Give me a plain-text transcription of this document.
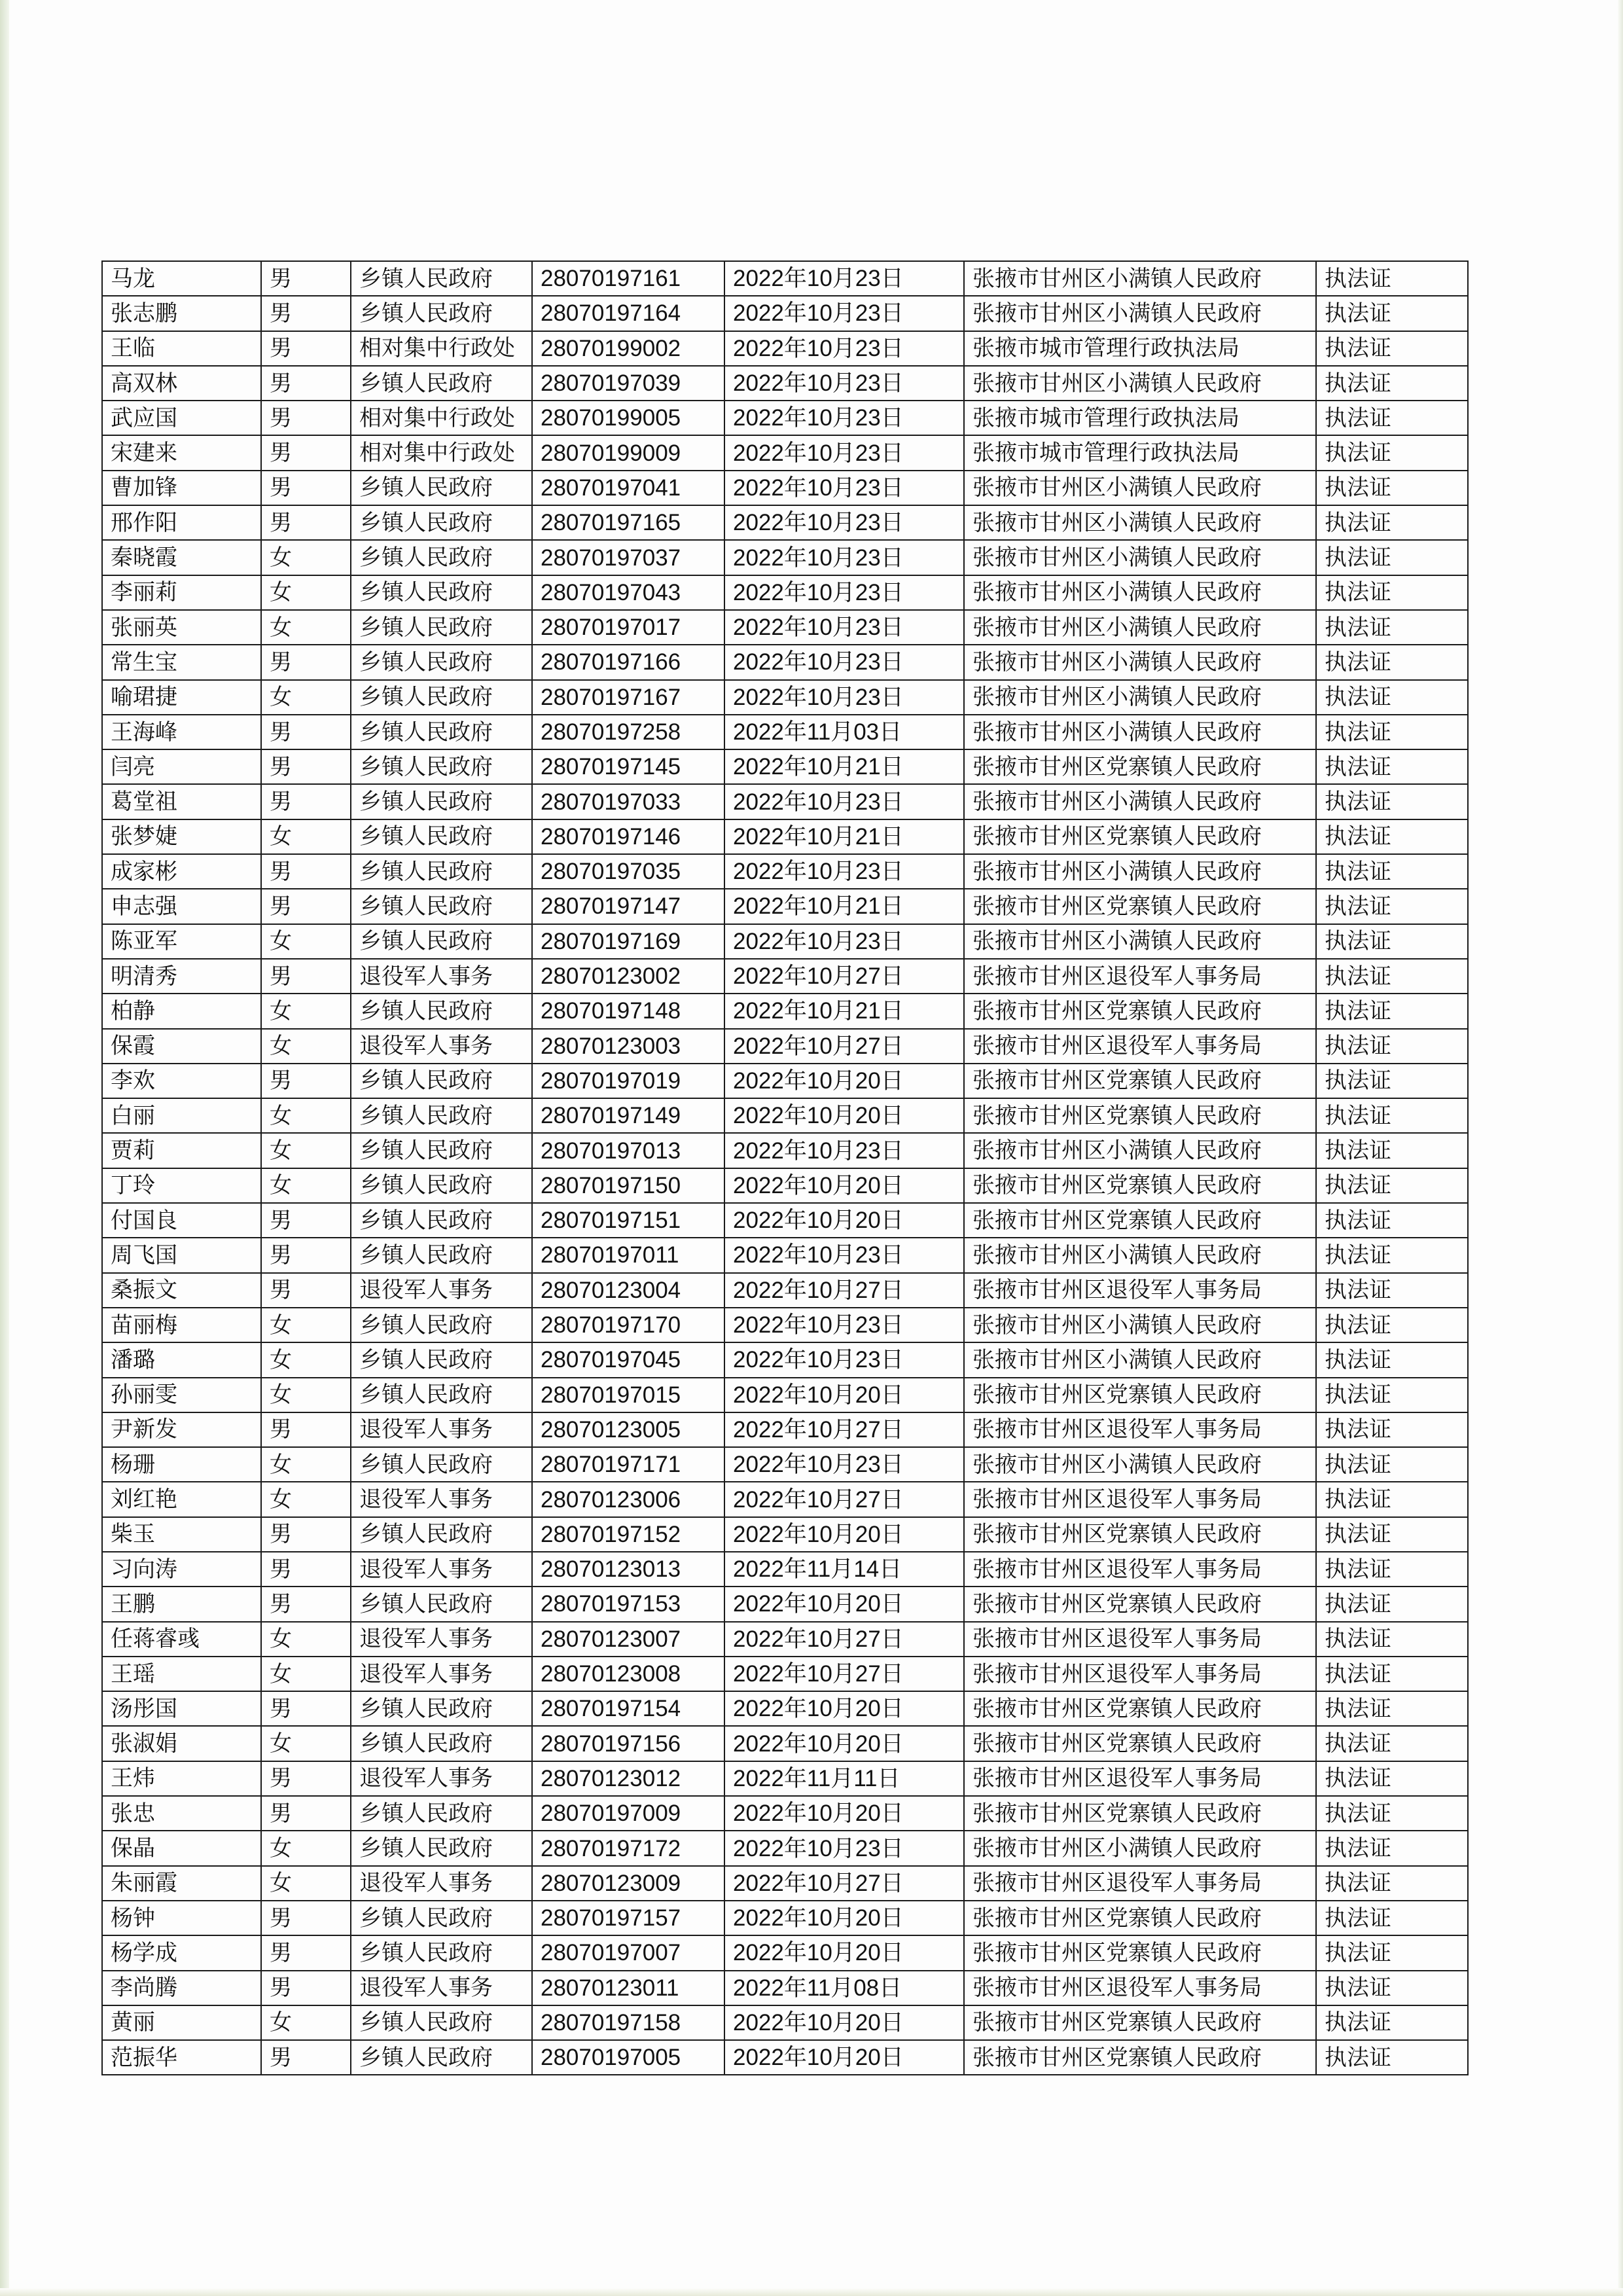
马龙	男	乡镇人民政府	28070197161	2022年10月23日	张掖市甘州区小满镇人民政府	执法证
张志鹏	男	乡镇人民政府	28070197164	2022年10月23日	张掖市甘州区小满镇人民政府	执法证
王临	男	相对集中行政处	28070199002	2022年10月23日	张掖市城市管理行政执法局	执法证
高双林	男	乡镇人民政府	28070197039	2022年10月23日	张掖市甘州区小满镇人民政府	执法证
武应国	男	相对集中行政处	28070199005	2022年10月23日	张掖市城市管理行政执法局	执法证
宋建来	男	相对集中行政处	28070199009	2022年10月23日	张掖市城市管理行政执法局	执法证
曹加锋	男	乡镇人民政府	28070197041	2022年10月23日	张掖市甘州区小满镇人民政府	执法证
邢作阳	男	乡镇人民政府	28070197165	2022年10月23日	张掖市甘州区小满镇人民政府	执法证
秦晓霞	女	乡镇人民政府	28070197037	2022年10月23日	张掖市甘州区小满镇人民政府	执法证
李丽莉	女	乡镇人民政府	28070197043	2022年10月23日	张掖市甘州区小满镇人民政府	执法证
张丽英	女	乡镇人民政府	28070197017	2022年10月23日	张掖市甘州区小满镇人民政府	执法证
常生宝	男	乡镇人民政府	28070197166	2022年10月23日	张掖市甘州区小满镇人民政府	执法证
喻珺捷	女	乡镇人民政府	28070197167	2022年10月23日	张掖市甘州区小满镇人民政府	执法证
王海峰	男	乡镇人民政府	28070197258	2022年11月03日	张掖市甘州区小满镇人民政府	执法证
闫亮	男	乡镇人民政府	28070197145	2022年10月21日	张掖市甘州区党寨镇人民政府	执法证
葛堂祖	男	乡镇人民政府	28070197033	2022年10月23日	张掖市甘州区小满镇人民政府	执法证
张梦婕	女	乡镇人民政府	28070197146	2022年10月21日	张掖市甘州区党寨镇人民政府	执法证
成家彬	男	乡镇人民政府	28070197035	2022年10月23日	张掖市甘州区小满镇人民政府	执法证
申志强	男	乡镇人民政府	28070197147	2022年10月21日	张掖市甘州区党寨镇人民政府	执法证
陈亚军	女	乡镇人民政府	28070197169	2022年10月23日	张掖市甘州区小满镇人民政府	执法证
明清秀	男	退役军人事务	28070123002	2022年10月27日	张掖市甘州区退役军人事务局	执法证
柏静	女	乡镇人民政府	28070197148	2022年10月21日	张掖市甘州区党寨镇人民政府	执法证
保霞	女	退役军人事务	28070123003	2022年10月27日	张掖市甘州区退役军人事务局	执法证
李欢	男	乡镇人民政府	28070197019	2022年10月20日	张掖市甘州区党寨镇人民政府	执法证
白丽	女	乡镇人民政府	28070197149	2022年10月20日	张掖市甘州区党寨镇人民政府	执法证
贾莉	女	乡镇人民政府	28070197013	2022年10月23日	张掖市甘州区小满镇人民政府	执法证
丁玲	女	乡镇人民政府	28070197150	2022年10月20日	张掖市甘州区党寨镇人民政府	执法证
付国良	男	乡镇人民政府	28070197151	2022年10月20日	张掖市甘州区党寨镇人民政府	执法证
周飞国	男	乡镇人民政府	28070197011	2022年10月23日	张掖市甘州区小满镇人民政府	执法证
桑振文	男	退役军人事务	28070123004	2022年10月27日	张掖市甘州区退役军人事务局	执法证
苗丽梅	女	乡镇人民政府	28070197170	2022年10月23日	张掖市甘州区小满镇人民政府	执法证
潘璐	女	乡镇人民政府	28070197045	2022年10月23日	张掖市甘州区小满镇人民政府	执法证
孙丽雯	女	乡镇人民政府	28070197015	2022年10月20日	张掖市甘州区党寨镇人民政府	执法证
尹新发	男	退役军人事务	28070123005	2022年10月27日	张掖市甘州区退役军人事务局	执法证
杨珊	女	乡镇人民政府	28070197171	2022年10月23日	张掖市甘州区小满镇人民政府	执法证
刘红艳	女	退役军人事务	28070123006	2022年10月27日	张掖市甘州区退役军人事务局	执法证
柴玉	男	乡镇人民政府	28070197152	2022年10月20日	张掖市甘州区党寨镇人民政府	执法证
习向涛	男	退役军人事务	28070123013	2022年11月14日	张掖市甘州区退役军人事务局	执法证
王鹏	男	乡镇人民政府	28070197153	2022年10月20日	张掖市甘州区党寨镇人民政府	执法证
任蒋睿彧	女	退役军人事务	28070123007	2022年10月27日	张掖市甘州区退役军人事务局	执法证
王瑶	女	退役军人事务	28070123008	2022年10月27日	张掖市甘州区退役军人事务局	执法证
汤彤国	男	乡镇人民政府	28070197154	2022年10月20日	张掖市甘州区党寨镇人民政府	执法证
张淑娟	女	乡镇人民政府	28070197156	2022年10月20日	张掖市甘州区党寨镇人民政府	执法证
王炜	男	退役军人事务	28070123012	2022年11月11日	张掖市甘州区退役军人事务局	执法证
张忠	男	乡镇人民政府	28070197009	2022年10月20日	张掖市甘州区党寨镇人民政府	执法证
保晶	女	乡镇人民政府	28070197172	2022年10月23日	张掖市甘州区小满镇人民政府	执法证
朱丽霞	女	退役军人事务	28070123009	2022年10月27日	张掖市甘州区退役军人事务局	执法证
杨钟	男	乡镇人民政府	28070197157	2022年10月20日	张掖市甘州区党寨镇人民政府	执法证
杨学成	男	乡镇人民政府	28070197007	2022年10月20日	张掖市甘州区党寨镇人民政府	执法证
李尚腾	男	退役军人事务	28070123011	2022年11月08日	张掖市甘州区退役军人事务局	执法证
黄丽	女	乡镇人民政府	28070197158	2022年10月20日	张掖市甘州区党寨镇人民政府	执法证
范振华	男	乡镇人民政府	28070197005	2022年10月20日	张掖市甘州区党寨镇人民政府	执法证
